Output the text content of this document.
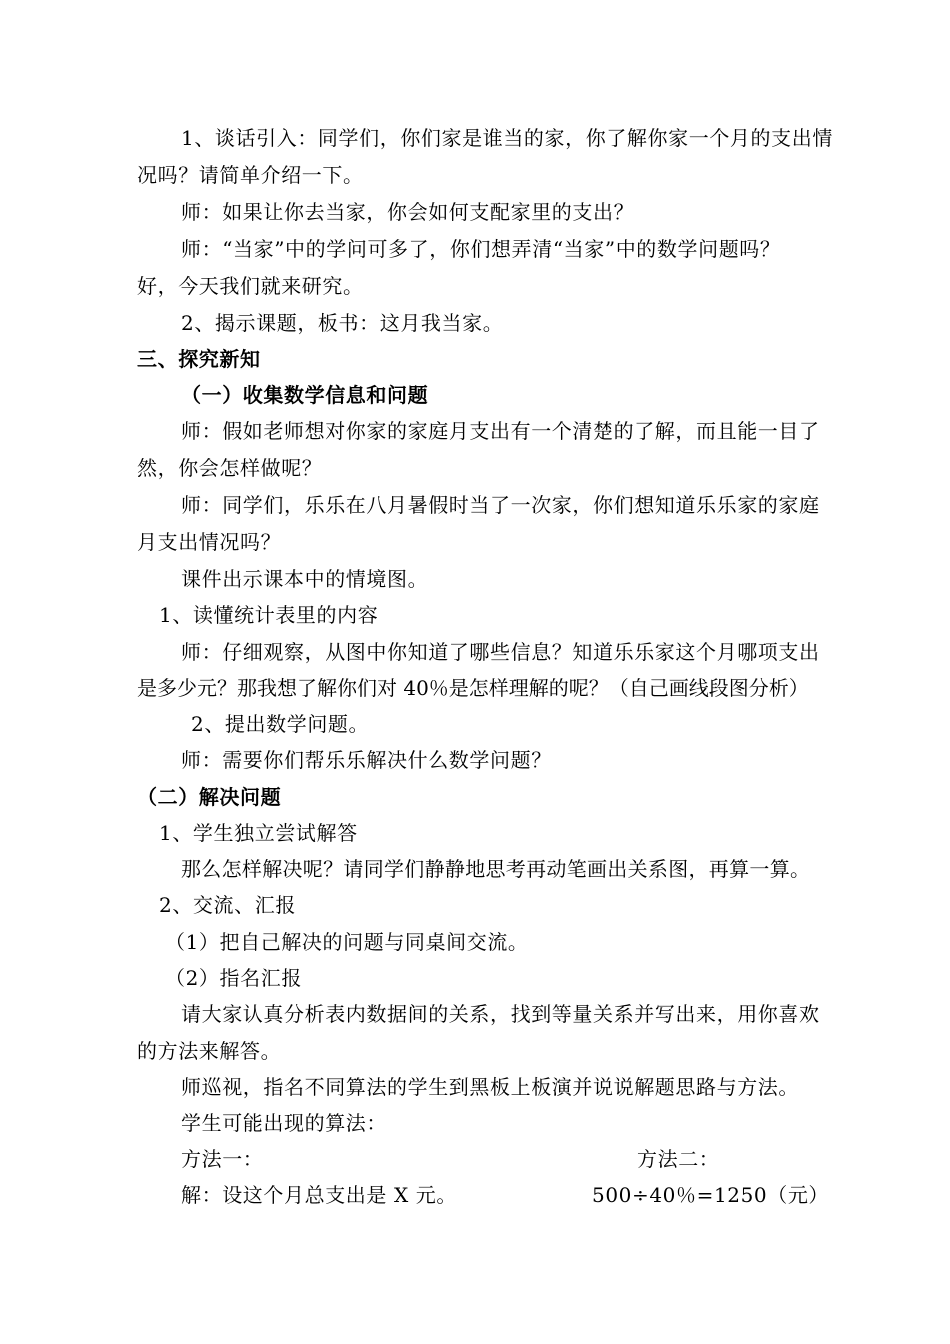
1、谈话引入：同学们，你们家是谁当的家，你了解你家一个月的支出情
况吗？请简单介绍一下。
师：如果让你去当家，你会如何支配家里的支出？
师：“当家”中的学问可多了，你们想弄清“当家”中的数学问题吗？
好，今天我们就来研究。
2、揭示课题，板书：这月我当家。
三、探究新知
（一）收集数学信息和问题
师：假如老师想对你家的家庭月支出有一个清楚的了解，而且能一目了
然，你会怎样做呢？
师：同学们，乐乐在八月暑假时当了一次家，你们想知道乐乐家的家庭
月支出情况吗？
课件出示课本中的情境图。
1、读懂统计表里的内容
师：仔细观察，从图中你知道了哪些信息？知道乐乐家这个月哪项支出
是多少元？那我想了解你们对 40％是怎样理解的呢？（自己画线段图分析）
2、提出数学问题。
师：需要你们帮乐乐解决什么数学问题？
（二）解决问题
1、学生独立尝试解答
那么怎样解决呢？请同学们静静地思考再动笔画出关系图，再算一算。
2、交流、汇报
（1）把自己解决的问题与同桌间交流。
（2）指名汇报
请大家认真分析表内数据间的关系，找到等量关系并写出来，用你喜欢
的方法来解答。
师巡视，指名不同算法的学生到黑板上板演并说说解题思路与方法。
学生可能出现的算法：
方法一：	方法二：
解：设这个月总支出是 X 元。	500÷40％=1250（元）
